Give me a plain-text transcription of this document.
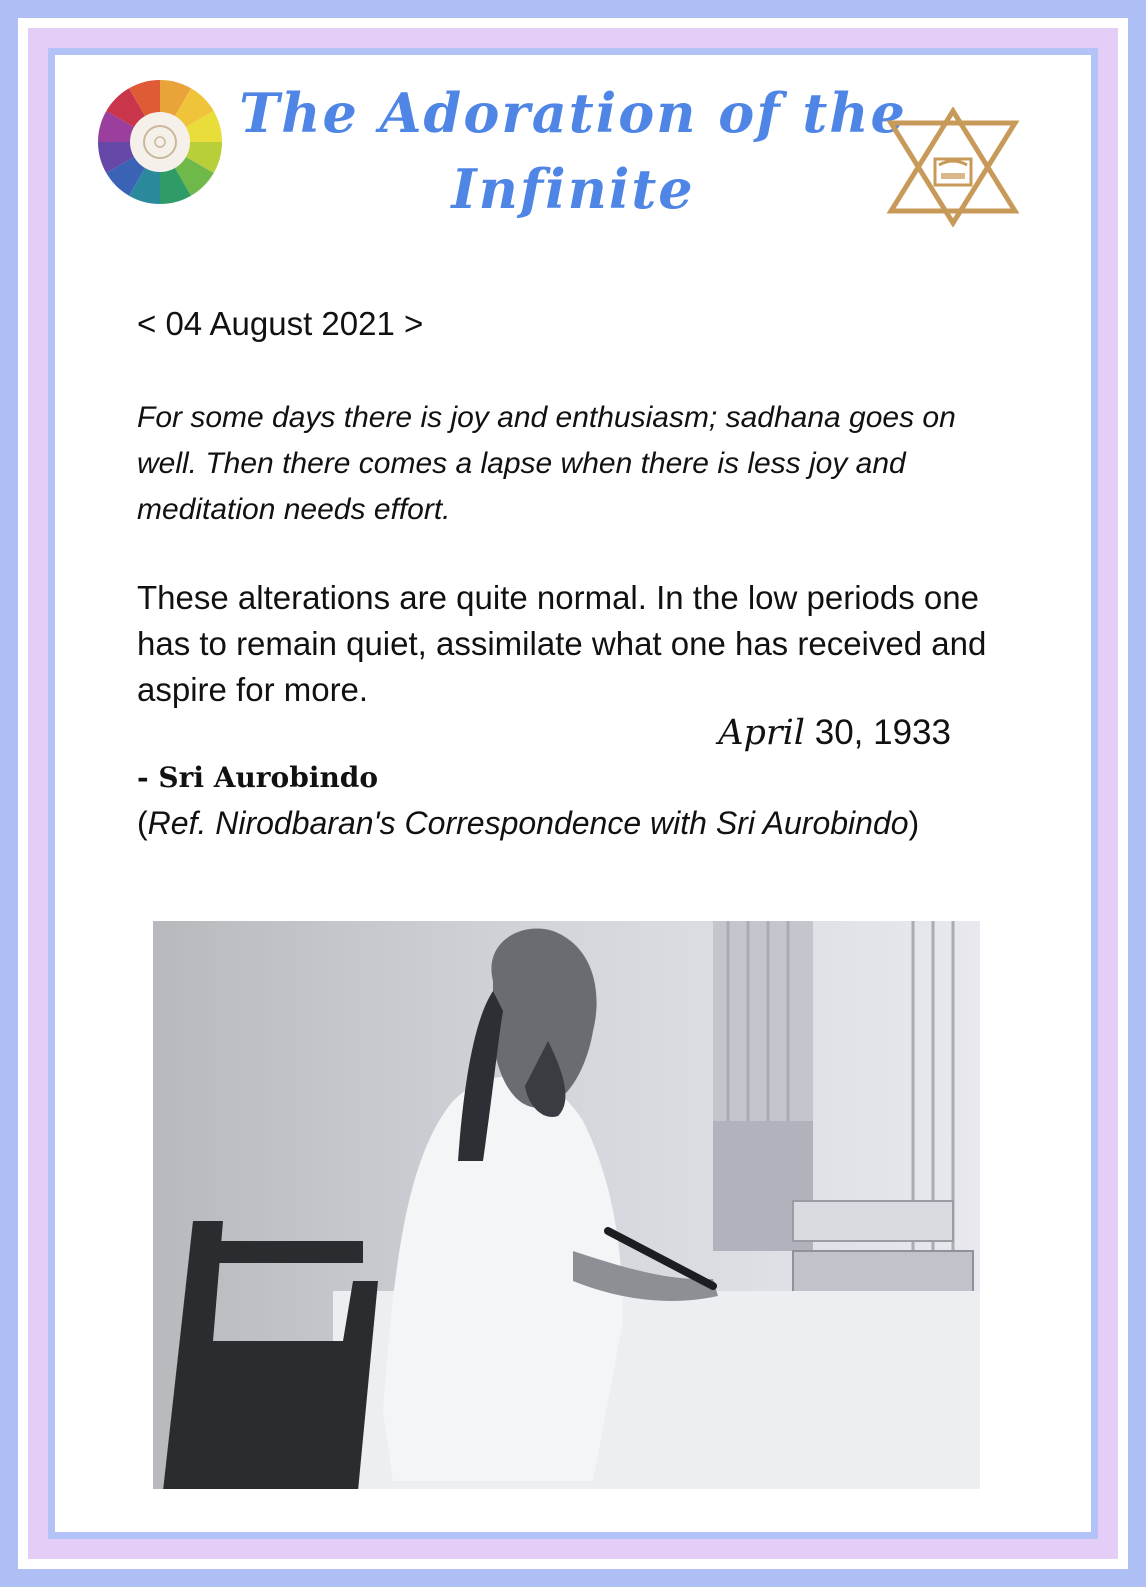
The Adoration of the
Infinite
< 04 August 2021 >
For some days there is joy and enthusiasm; sadhana goes on well. Then there comes a lapse when there is less joy and meditation needs effort.
These alterations are quite normal. In the low periods one has to remain quiet, assimilate what one has received and aspire for more.
April 30, 1933
- Sri Aurobindo
(Ref. Nirodbaran's Correspondence with Sri Aurobindo)
